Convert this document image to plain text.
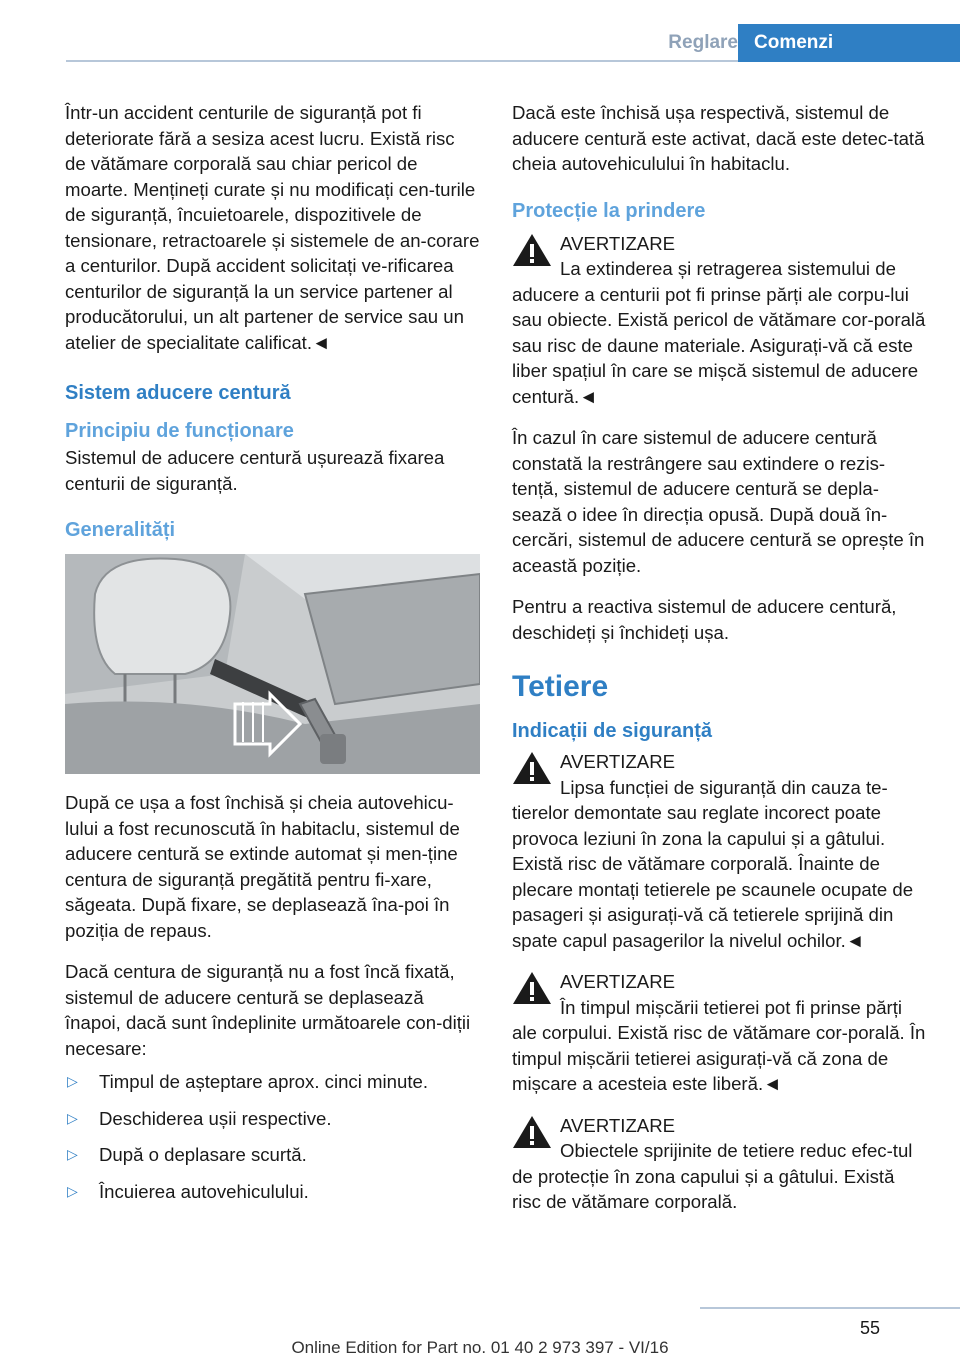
Reglare Comenzi

Într-un accident centurile de siguranță pot fi deteriorate fără a sesiza acest lucru. Există risc de vătămare corporală sau chiar pericol de moarte. Mențineți curate și nu modificați cen‐turile de siguranță, încuietoarele, dispozitivele de tensionare, retractoarele și sistemele de an‐corare a centurilor. După accident solicitați ve‐rificarea centurilor de siguranță la un service partener al producătorului, un alt partener de service sau un atelier de specialitate calificat.◄

Sistem aducere centură
Principiu de funcționare

Sistemul de aducere centură ușurează fixarea centurii de siguranță.

Generalități

După ce ușa a fost închisă și cheia autovehicu‐lului a fost recunoscută în habitaclu, sistemul de aducere centură se extinde automat și men‐ține centura de siguranță pregătită pentru fi‐xare, săgeata. După fixare, se deplasează îna‐poi în poziția de repaus.

Dacă centura de siguranță nu a fost încă fixată, sistemul de aducere centură se deplasează înapoi, dacă sunt îndeplinite următoarele con‐diții necesare:

▷ Timpul de așteptare aprox. cinci minute.
▷ Deschiderea ușii respective.
▷ După o deplasare scurtă.
▷ Încuierea autovehiculului.

Dacă este închisă ușa respectivă, sistemul de aducere centură este activat, dacă este detec‐tată cheia autovehiculului în habitaclu.

Protecție la prindere
AVERTIZARE
La extinderea și retragerea sistemului de aducere a centurii pot fi prinse părți ale corpu‐lui sau obiecte. Există pericol de vătămare cor‐porală sau risc de daune materiale. Asigurați-vă că este liber spațiul în care se mișcă sistemul de aducere centură.◄

În cazul în care sistemul de aducere centură constată la restrângere sau extindere o rezis‐tență, sistemul de aducere centură se depla‐sează o idee în direcția opusă. După două în‐cercări, sistemul de aducere centură se oprește în această poziție.

Pentru a reactiva sistemul de aducere centură, deschideți și închideți ușa.

Tetiere
Indicații de siguranță
AVERTIZARE
Lipsa funcției de siguranță din cauza te‐tierelor demontate sau reglate incorect poate provoca leziuni în zona la capului și a gâtului. Există risc de vătămare corporală. Înainte de plecare montați tetierele pe scaunele ocupate de pasageri și asigurați-vă că tetierele sprijină din spate capul pasagerilor la nivelul ochilor.◄
AVERTIZARE
În timpul mișcării tetierei pot fi prinse părți ale corpului. Există risc de vătămare cor‐porală. În timpul mișcării tetierei asigurați-vă că zona de mișcare a acesteia este liberă.◄
AVERTIZARE
Obiectele sprijinite de tetiere reduc efec‐tul de protecție în zona capului și a gâtului. Există risc de vătămare corporală.
55
Online Edition for Part no. 01 40 2 973 397 - VI/16
